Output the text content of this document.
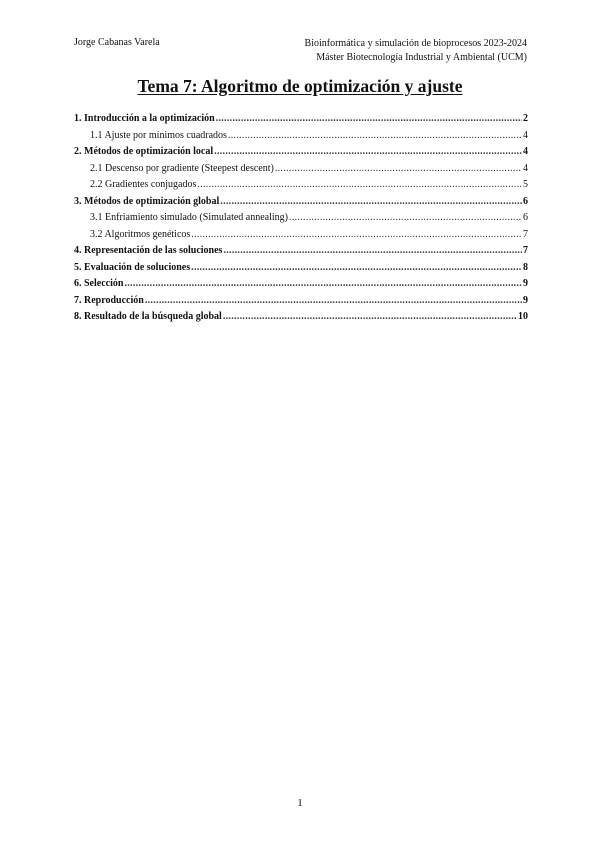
Jorge Cabanas Varela	Bioinformática y simulación de bioprocesos 2023-2024
Máster Biotecnología Industrial y Ambiental (UCM)
Tema 7: Algoritmo de optimización y ajuste
1. Introducción a la optimización .....	2
1.1 Ajuste por mínimos cuadrados .....	4
2. Métodos de optimización local .....	4
2.1 Descenso por gradiente (Steepest descent) .....	4
2.2 Gradientes conjugados .....	5
3. Métodos de optimización global .....	6
3.1 Enfriamiento simulado (Simulated annealing) .....	6
3.2 Algoritmos genéticos .....	7
4. Representación de las soluciones .....	7
5. Evaluación de soluciones .....	8
6. Selección .....	9
7. Reproducción .....	9
8. Resultado de la búsqueda global .....	10
1
